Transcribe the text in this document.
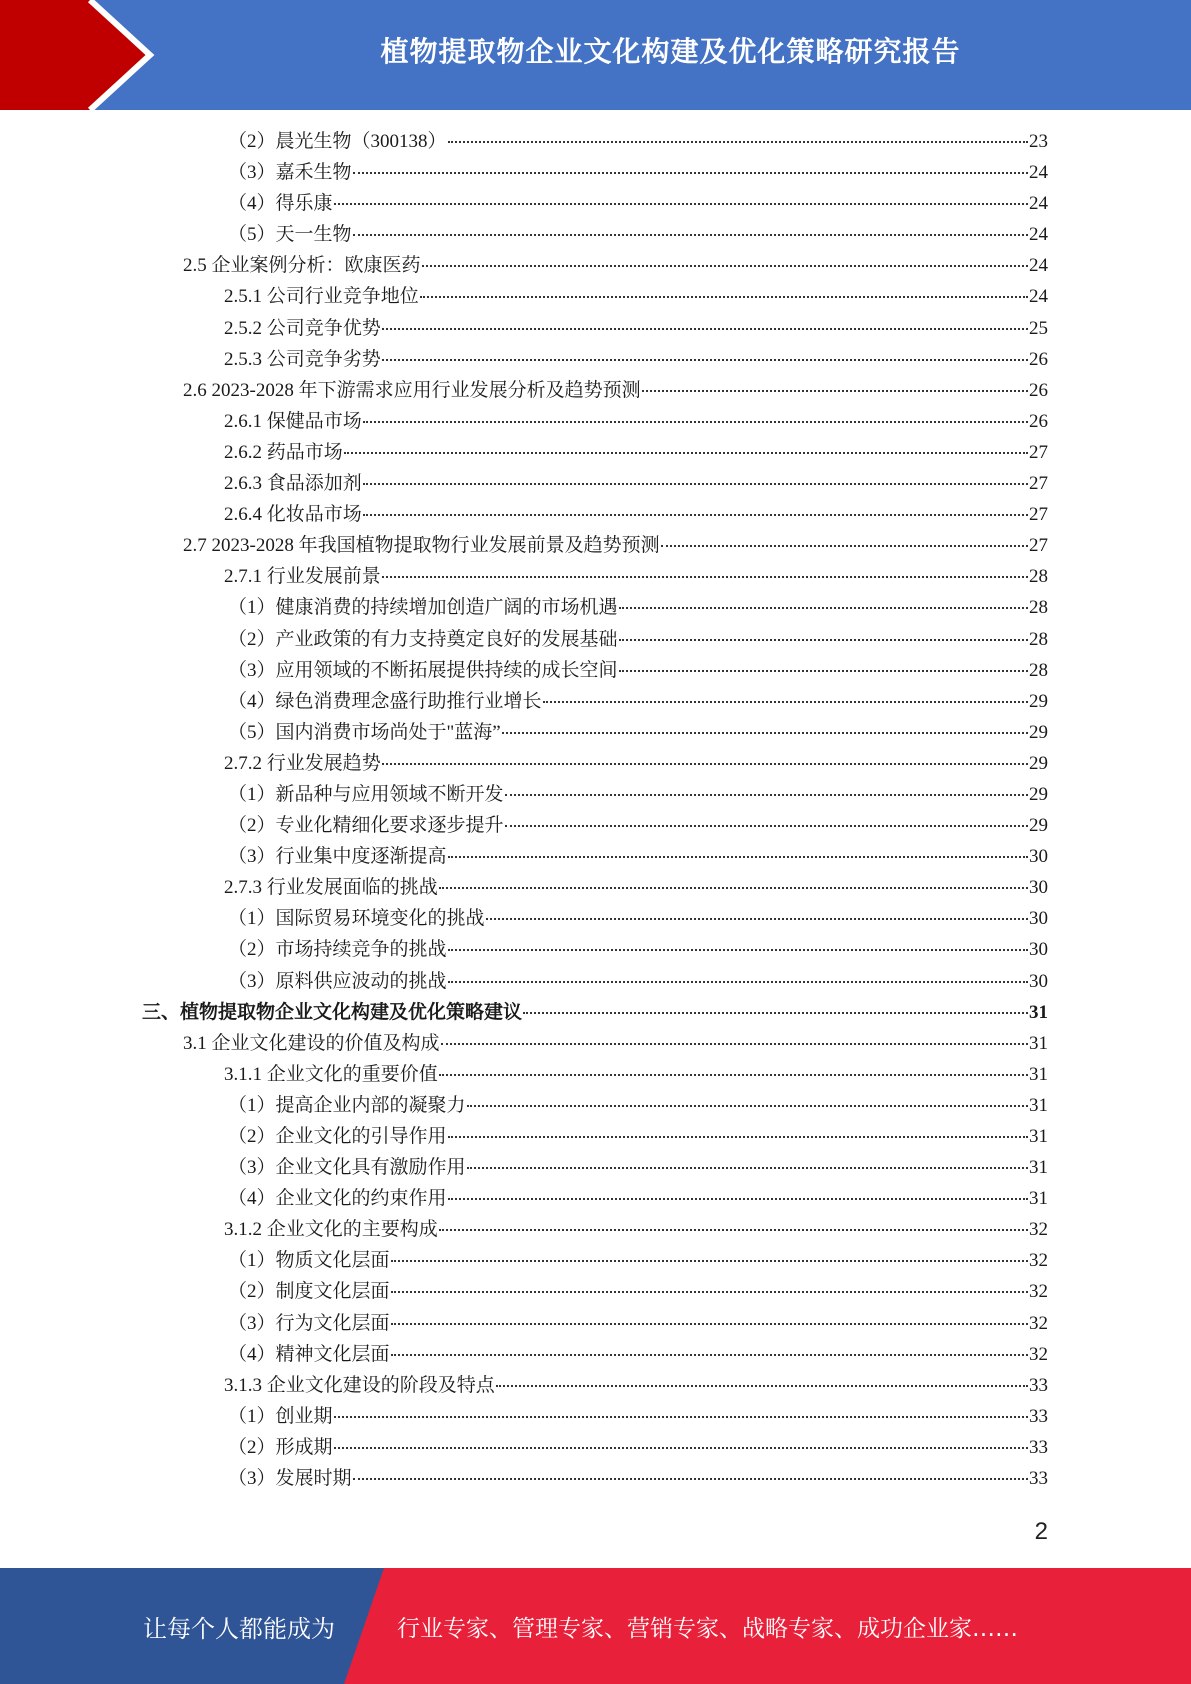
植物提取物企业文化构建及优化策略研究报告
（2）晨光生物（300138）	23
（3）嘉禾生物	24
（4）得乐康	24
（5）天一生物	24
2.5 企业案例分析：欧康医药	24
2.5.1 公司行业竞争地位	24
2.5.2 公司竞争优势	25
2.5.3 公司竞争劣势	26
2.6 2023-2028 年下游需求应用行业发展分析及趋势预测	26
2.6.1 保健品市场	26
2.6.2 药品市场	27
2.6.3 食品添加剂	27
2.6.4 化妆品市场	27
2.7 2023-2028 年我国植物提取物行业发展前景及趋势预测	27
2.7.1 行业发展前景	28
（1）健康消费的持续增加创造广阔的市场机遇	28
（2）产业政策的有力支持奠定良好的发展基础	28
（3）应用领域的不断拓展提供持续的成长空间	28
（4）绿色消费理念盛行助推行业增长	29
（5）国内消费市场尚处于"蓝海”	29
2.7.2 行业发展趋势	29
（1）新品种与应用领域不断开发	29
（2）专业化精细化要求逐步提升	29
（3）行业集中度逐渐提高	30
2.7.3 行业发展面临的挑战	30
（1）国际贸易环境变化的挑战	30
（2）市场持续竞争的挑战	30
（3）原料供应波动的挑战	30
三、植物提取物企业文化构建及优化策略建议	31
3.1 企业文化建设的价值及构成	31
3.1.1 企业文化的重要价值	31
（1）提高企业内部的凝聚力	31
（2）企业文化的引导作用	31
（3）企业文化具有激励作用	31
（4）企业文化的约束作用	31
3.1.2 企业文化的主要构成	32
（1）物质文化层面	32
（2）制度文化层面	32
（3）行为文化层面	32
（4）精神文化层面	32
3.1.3 企业文化建设的阶段及特点	33
（1）创业期	33
（2）形成期	33
（3）发展时期	33
2
让每个人都能成为	行业专家、管理专家、营销专家、战略专家、成功企业家……
